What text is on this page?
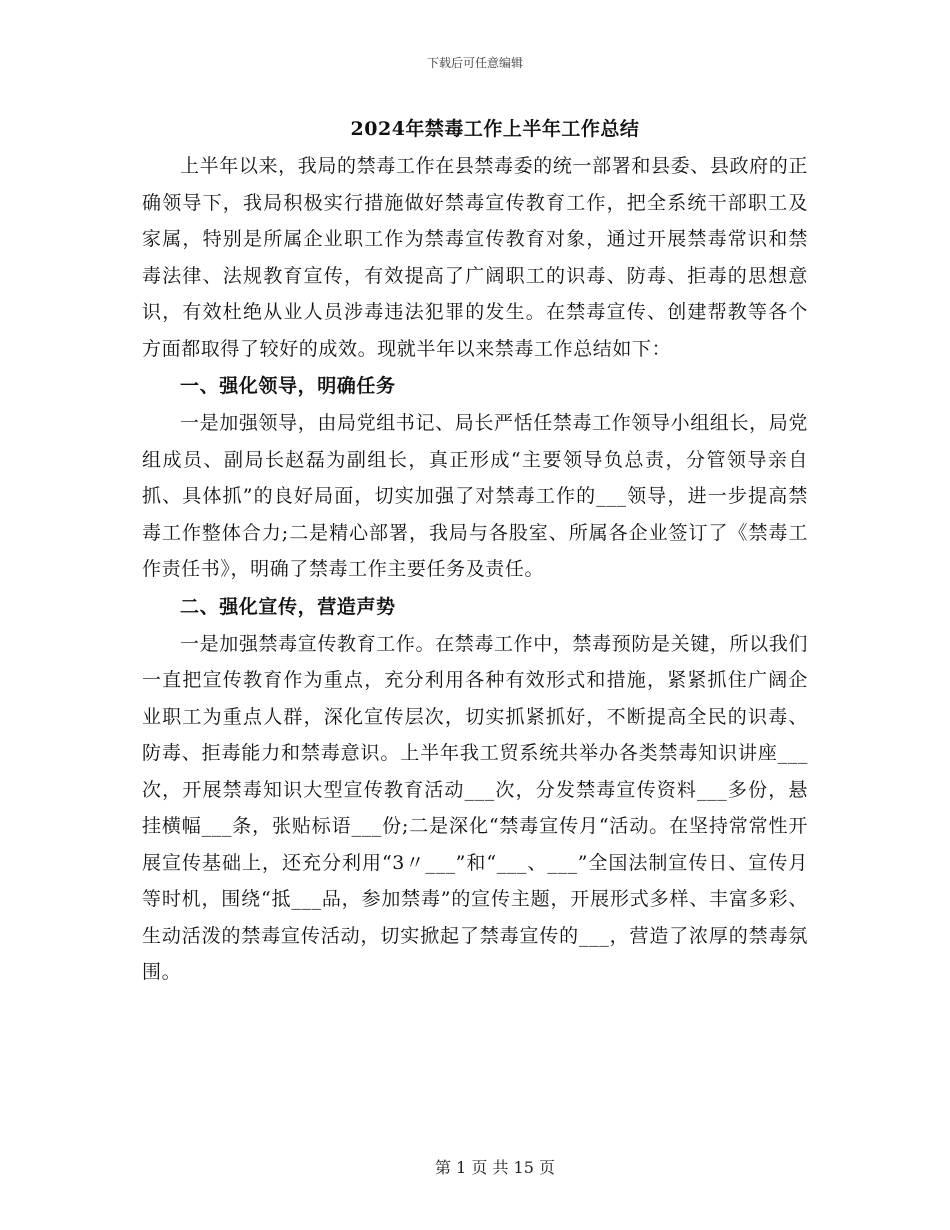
下载后可任意编辑
2024年禁毒工作上半年工作总结

上半年以来，我局的禁毒工作在县禁毒委的统一部署和县委、县政府的正确领导下，我局积极实行措施做好禁毒宣传教育工作，把全系统干部职工及家属，特别是所属企业职工作为禁毒宣传教育对象，通过开展禁毒常识和禁毒法律、法规教育宣传，有效提高了广阔职工的识毒、防毒、拒毒的思想意识，有效杜绝从业人员涉毒违法犯罪的发生。在禁毒宣传、创建帮教等各个方面都取得了较好的成效。现就半年以来禁毒工作总结如下：

一、强化领导，明确任务

一是加强领导，由局党组书记、局长严恬任禁毒工作领导小组组长，局党组成员、副局长赵磊为副组长，真正形成“主要领导负总责，分管领导亲自抓、具体抓”的良好局面，切实加强了对禁毒工作的___领导，进一步提高禁毒工作整体合力;二是精心部署，我局与各股室、所属各企业签订了《禁毒工作责任书》，明确了禁毒工作主要任务及责任。

二、强化宣传，营造声势

一是加强禁毒宣传教育工作。在禁毒工作中，禁毒预防是关键，所以我们一直把宣传教育作为重点，充分利用各种有效形式和措施，紧紧抓住广阔企业职工为重点人群，深化宣传层次，切实抓紧抓好，不断提高全民的识毒、防毒、拒毒能力和禁毒意识。上半年我工贸系统共举办各类禁毒知识讲座___次，开展禁毒知识大型宣传教育活动___次，分发禁毒宣传资料___多份，悬挂横幅___条，张贴标语___份;二是深化“禁毒宣传月“活动。在坚持常常性开展宣传基础上，还充分利用“3〃___”和“___、___”全国法制宣传日、宣传月等时机，围绕“抵___品，参加禁毒”的宣传主题，开展形式多样、丰富多彩、生动活泼的禁毒宣传活动，切实掀起了禁毒宣传的___，营造了浓厚的禁毒氛围。

第 1 页 共 15 页
